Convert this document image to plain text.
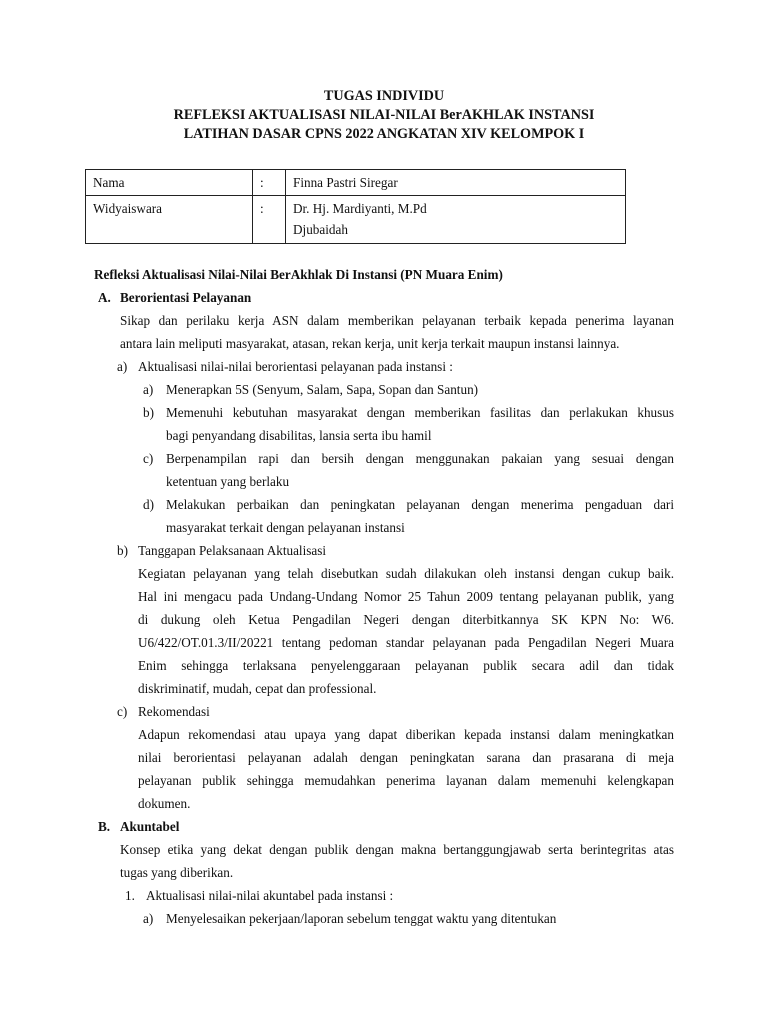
TUGAS INDIVIDU
REFLEKSI AKTUALISASI NILAI-NILAI BerAKHLAK INSTANSI
LATIHAN DASAR CPNS 2022 ANGKATAN XIV KELOMPOK I
Nama	:	Finna Pastri Siregar
Widyaiswara	:	Dr. Hj. Mardiyanti, M.Pd
Djubaidah
Refleksi Aktualisasi Nilai-Nilai BerAkhlak Di Instansi (PN Muara Enim)
A. Berorientasi Pelayanan
Sikap dan perilaku kerja ASN dalam memberikan pelayanan terbaik kepada penerima layanan
antara lain meliputi masyarakat, atasan, rekan kerja, unit kerja terkait maupun instansi lainnya.
a) Aktualisasi nilai-nilai berorientasi pelayanan pada instansi :
a) Menerapkan 5S (Senyum, Salam, Sapa, Sopan dan Santun)
b) Memenuhi kebutuhan masyarakat dengan memberikan fasilitas dan perlakukan khusus
bagi penyandang disabilitas, lansia serta ibu hamil
c) Berpenampilan rapi dan bersih dengan menggunakan pakaian yang sesuai dengan
ketentuan yang berlaku
d) Melakukan perbaikan dan peningkatan pelayanan dengan menerima pengaduan dari
masyarakat terkait dengan pelayanan instansi
b) Tanggapan Pelaksanaan Aktualisasi
Kegiatan pelayanan yang telah disebutkan sudah dilakukan oleh instansi dengan cukup baik.
Hal ini mengacu pada Undang-Undang Nomor 25 Tahun 2009 tentang pelayanan publik, yang
di dukung oleh Ketua Pengadilan Negeri dengan diterbitkannya SK KPN No: W6.
U6/422/OT.01.3/II/20221 tentang pedoman standar pelayanan pada Pengadilan Negeri Muara
Enim sehingga terlaksana penyelenggaraan pelayanan publik secara adil dan tidak
diskriminatif, mudah, cepat dan professional.
c) Rekomendasi
Adapun rekomendasi atau upaya yang dapat diberikan kepada instansi dalam meningkatkan
nilai berorientasi pelayanan adalah dengan peningkatan sarana dan prasarana di meja
pelayanan publik sehingga memudahkan penerima layanan dalam memenuhi kelengkapan
dokumen.
B. Akuntabel
Konsep etika yang dekat dengan publik dengan makna bertanggungjawab serta berintegritas atas
tugas yang diberikan.
1. Aktualisasi nilai-nilai akuntabel pada instansi :
a) Menyelesaikan pekerjaan/laporan sebelum tenggat waktu yang ditentukan
